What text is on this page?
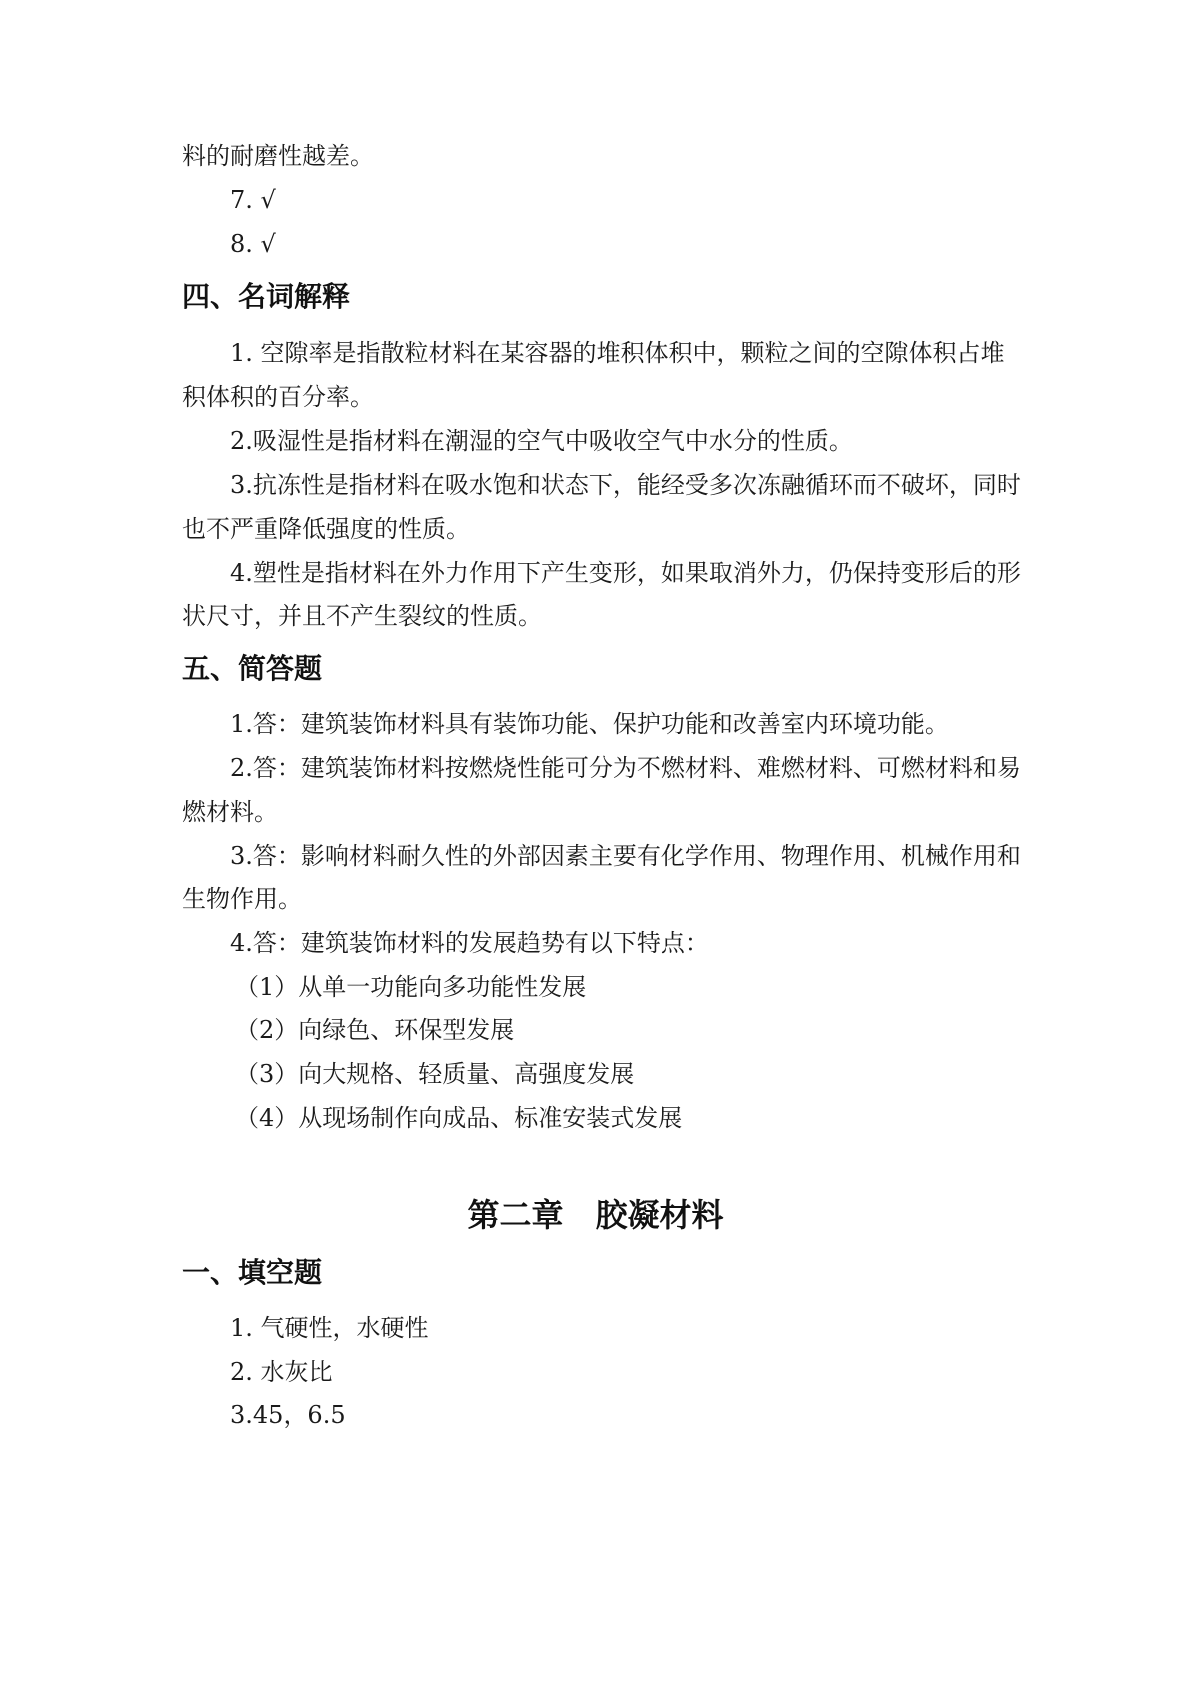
料的耐磨性越差。
7. √
8. √
四、名词解释
1. 空隙率是指散粒材料在某容器的堆积体积中，颗粒之间的空隙体积占堆
积体积的百分率。
2.吸湿性是指材料在潮湿的空气中吸收空气中水分的性质。
3.抗冻性是指材料在吸水饱和状态下，能经受多次冻融循环而不破坏，同时
也不严重降低强度的性质。
4.塑性是指材料在外力作用下产生变形，如果取消外力，仍保持变形后的形
状尺寸，并且不产生裂纹的性质。
五、简答题
1.答：建筑装饰材料具有装饰功能、保护功能和改善室内环境功能。
2.答：建筑装饰材料按燃烧性能可分为不燃材料、难燃材料、可燃材料和易
燃材料。
3.答：影响材料耐久性的外部因素主要有化学作用、物理作用、机械作用和
生物作用。
4.答：建筑装饰材料的发展趋势有以下特点：
（1）从单一功能向多功能性发展
（2）向绿色、环保型发展
（3）向大规格、轻质量、高强度发展
（4）从现场制作向成品、标准安装式发展
第二章　胶凝材料
一、填空题
1. 气硬性，水硬性
2. 水灰比
3.45，6.5
